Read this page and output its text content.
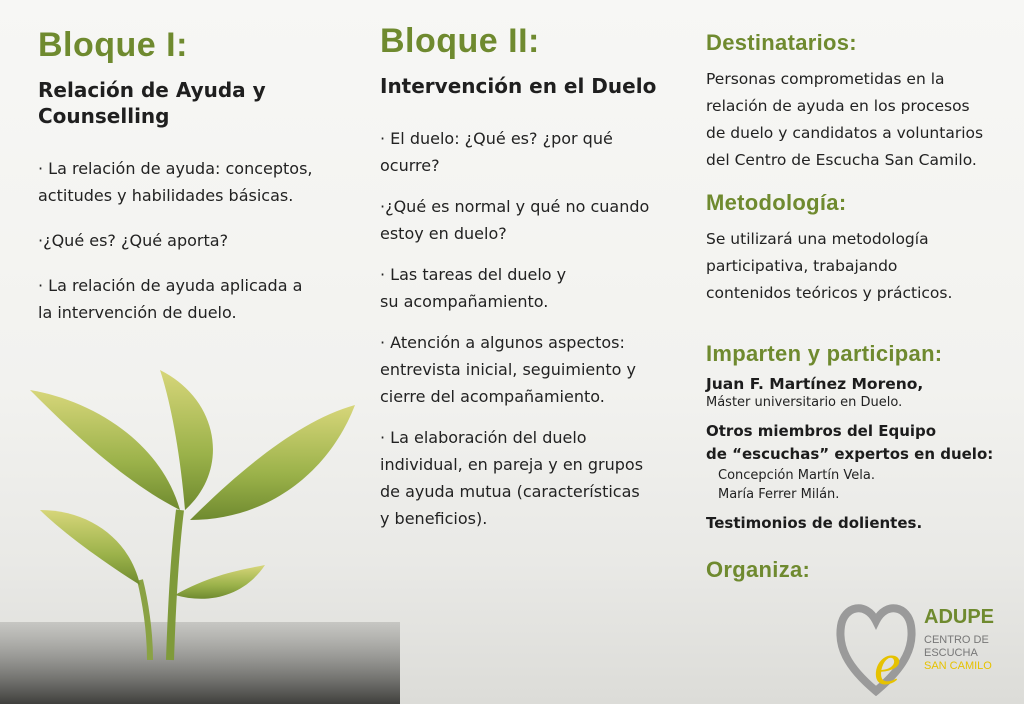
Bloque I:
Relación de Ayuda y
Counselling
· La relación de ayuda: conceptos,
actitudes y habilidades básicas.
·¿Qué es? ¿Qué aporta?
· La relación de ayuda aplicada a
la intervención de duelo.
Bloque II:
Intervención en el Duelo
· El duelo: ¿Qué es? ¿por qué
ocurre?
·¿Qué es normal y qué no cuando
estoy en duelo?
· Las tareas del duelo y
su acompañamiento.
· Atención a algunos aspectos:
entrevista inicial, seguimiento y
cierre del acompañamiento.
· La elaboración del duelo
individual, en pareja y en grupos
de ayuda mutua (características
y beneficios).
Destinatarios:
Personas comprometidas en la
relación de ayuda en los procesos
de duelo y candidatos a voluntarios
del Centro de Escucha San Camilo.
Metodología:
Se utilizará una metodología
participativa, trabajando
contenidos teóricos y prácticos.
Imparten y participan:
Juan F. Martínez Moreno,
Máster universitario en Duelo.
Otros miembros del Equipo
de “escuchas” expertos en duelo:
Concepción Martín Vela.
María Ferrer Milán.
Testimonios de dolientes.
Organiza:
e
ADUPE
CENTRO DE
ESCUCHA
SAN CAMILO
